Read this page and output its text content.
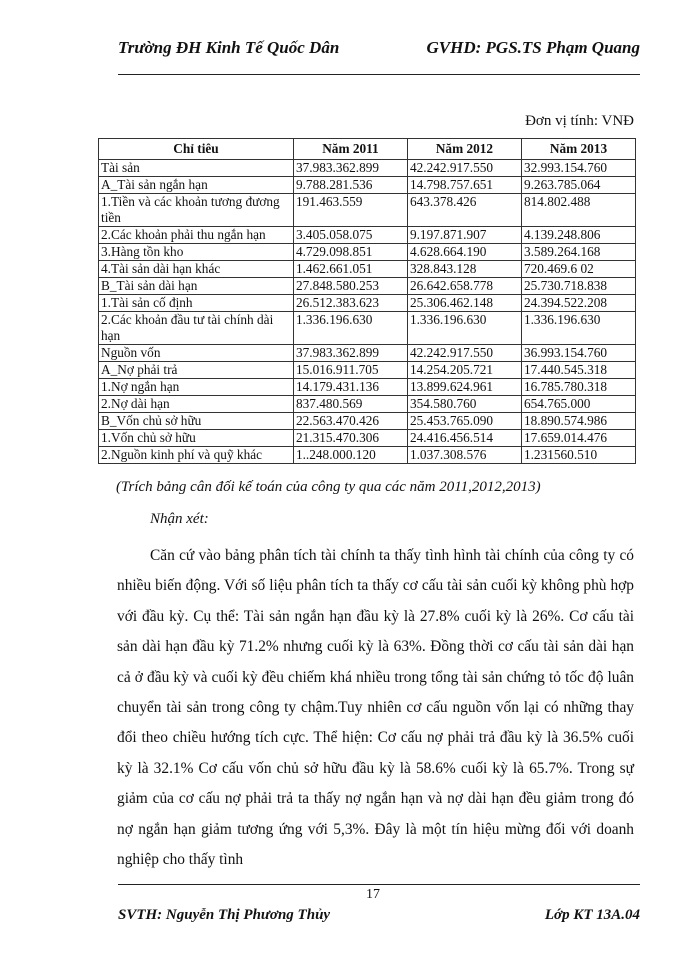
Trường ĐH Kinh Tế Quốc Dân	GVHD: PGS.TS Phạm Quang
Đơn vị tính: VNĐ
Chỉ tiêu	Năm 2011	Năm 2012	Năm 2013
Tài sản	37.983.362.899	42.242.917.550	32.993.154.760
A_Tài sản ngắn hạn	9.788.281.536	14.798.757.651	9.263.785.064
1.Tiền và các khoản tương đương tiền	191.463.559	643.378.426	814.802.488
2.Các khoản phải thu ngắn hạn	3.405.058.075	9.197.871.907	4.139.248.806
3.Hàng tồn kho	4.729.098.851	4.628.664.190	3.589.264.168
4.Tài sản dài hạn khác	1.462.661.051	328.843.128	720.469.6 02
B_Tài sản dài hạn	27.848.580.253	26.642.658.778	25.730.718.838
1.Tài sản cố định	26.512.383.623	25.306.462.148	24.394.522.208
2.Các khoản đầu tư tài chính dài hạn	1.336.196.630	1.336.196.630	1.336.196.630
Nguồn vốn	37.983.362.899	42.242.917.550	36.993.154.760
A_Nợ phải trả	15.016.911.705	14.254.205.721	17.440.545.318
1.Nợ ngắn hạn	14.179.431.136	13.899.624.961	16.785.780.318
2.Nợ dài hạn	837.480.569	354.580.760	654.765.000
B_Vốn chủ sở hữu	22.563.470.426	25.453.765.090	18.890.574.986
1.Vốn chủ sở hữu	21.315.470.306	24.416.456.514	17.659.014.476
2.Nguồn kinh phí và quỹ khác	1..248.000.120	1.037.308.576	1.231560.510
(Trích bảng cân đối kế toán của công ty qua các năm 2011,2012,2013)
Nhận xét:

Căn cứ vào bảng phân tích tài chính ta thấy tình hình tài chính của công ty có nhiều biến động. Với số liệu phân tích ta thấy cơ cấu tài sản cuối kỳ không phù hợp với đầu kỳ. Cụ thể: Tài sản ngắn hạn đầu kỳ là 27.8% cuối kỳ là 26%. Cơ cấu tài sản dài hạn đầu kỳ 71.2% nhưng cuối kỳ là 63%. Đồng thời cơ cấu tài sản dài hạn cả ở đầu kỳ và cuối kỳ đều chiếm khá nhiều trong tổng tài sản chứng tỏ tốc độ luân chuyển tài sản trong công ty chậm.Tuy nhiên cơ cấu nguồn vốn lại có những thay đổi theo chiều hướng tích cực. Thể hiện: Cơ cấu nợ phải trả đầu kỳ là 36.5% cuối kỳ là 32.1% Cơ cấu vốn chủ sở hữu đầu kỳ là 58.6% cuối kỳ là 65.7%. Trong sự giảm của cơ cấu nợ phải trả ta thấy nợ ngắn hạn và nợ dài hạn đều giảm trong đó nợ ngắn hạn giảm tương ứng với 5,3%. Đây là một tín hiệu mừng đối với doanh nghiệp cho thấy tình

17
SVTH: Nguyễn Thị Phương Thủy	Lớp KT 13A.04
